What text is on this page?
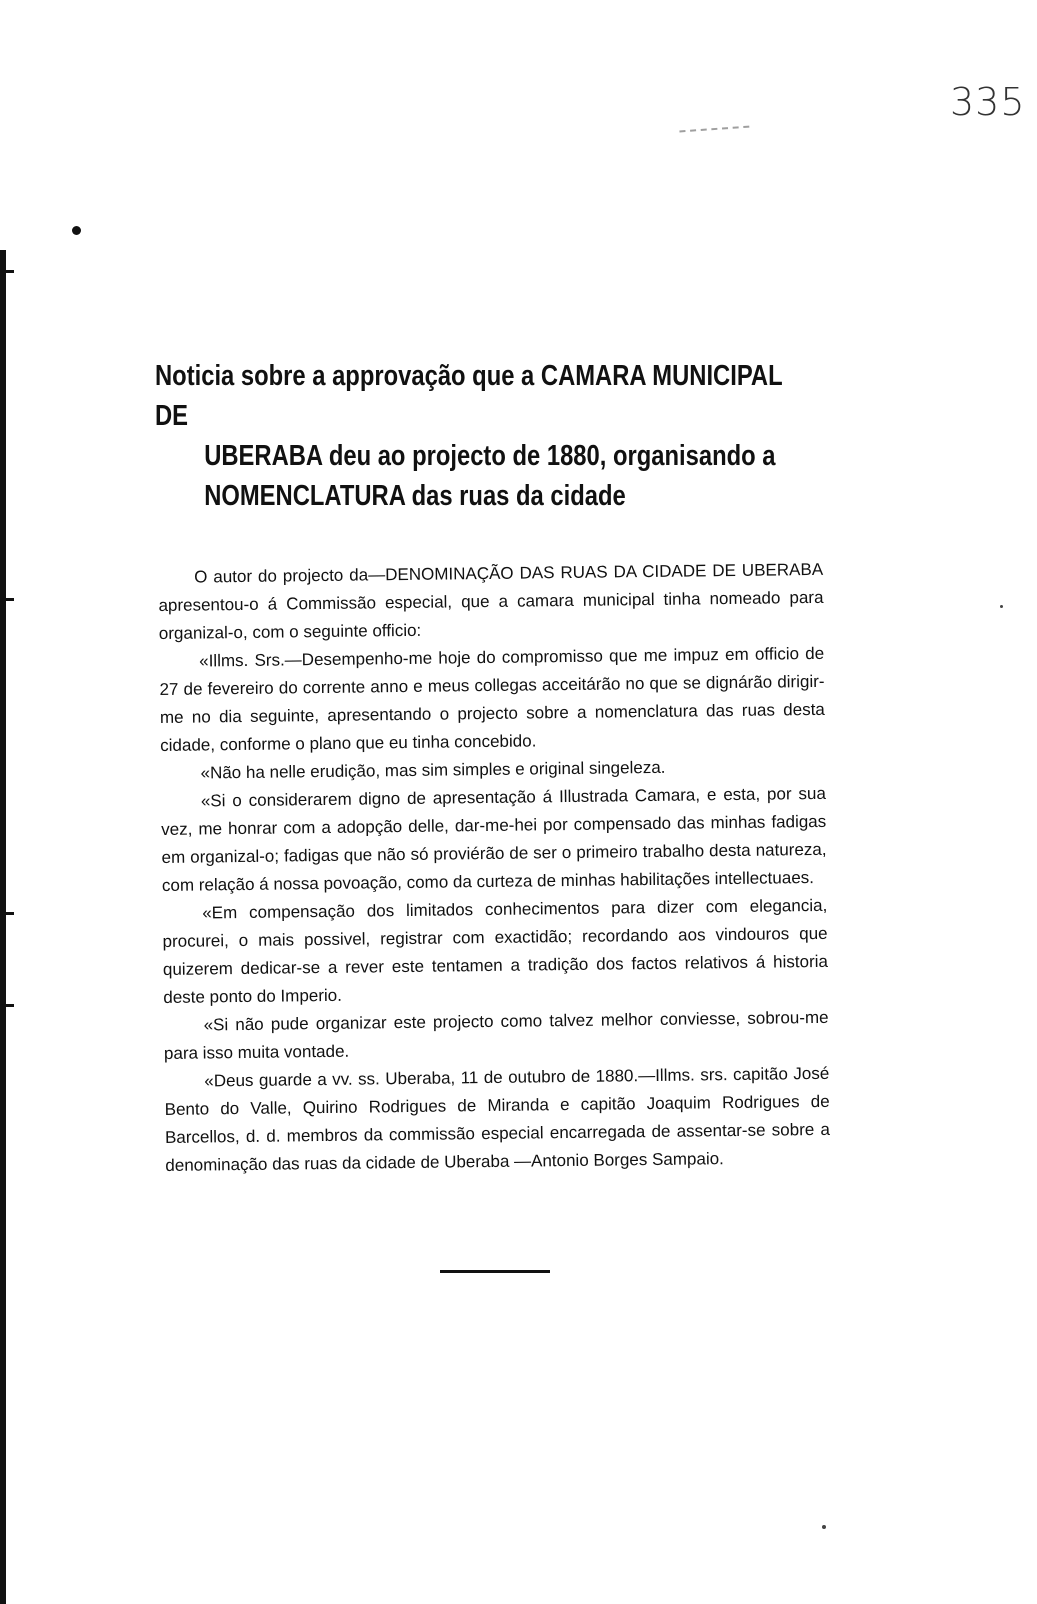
335
Noticia sobre a approvação que a CAMARA MUNICIPAL DE
UBERABA deu ao projecto de 1880, organisando a
NOMENCLATURA das ruas da cidade

O autor do projecto da—DENOMINAÇÃO DAS RUAS DA CIDADE DE UBERABA apresentou-o á Commissão especial, que a camara municipal tinha nomeado para organizal-o, com o seguinte officio:

«Illms. Srs.—Desempenho-me hoje do compromisso que me impuz em officio de 27 de fevereiro do corrente anno e meus collegas acceitárão no que se dignárão dirigir-me no dia seguinte, apresentando o projecto sobre a nomenclatura das ruas desta cidade, conforme o plano que eu tinha concebido.

«Não ha nelle erudição, mas sim simples e original singeleza.

«Si o considerarem digno de apresentação á Illustrada Camara, e esta, por sua vez, me honrar com a adopção delle, dar-me-hei por compensado das minhas fadigas em organizal-o; fadigas que não só proviérão de ser o primeiro trabalho desta natureza, com relação á nossa povoação, como da curteza de minhas habilitações intellectuaes.

«Em compensação dos limitados conhecimentos para dizer com elegancia, procurei, o mais possivel, registrar com exactidão; recordando aos vindouros que quizerem dedicar-se a rever este tentamen a tradição dos factos relativos á historia deste ponto do Imperio.

«Si não pude organizar este projecto como talvez melhor conviesse, sobrou-me para isso muita vontade.

«Deus guarde a vv. ss. Uberaba, 11 de outubro de 1880.—Illms. srs. capitão José Bento do Valle, Quirino Rodrigues de Miranda e capitão Joaquim Rodrigues de Barcellos, d. d. membros da commissão especial encarregada de assentar-se sobre a denominação das ruas da cidade de Uberaba —Antonio Borges Sampaio.
